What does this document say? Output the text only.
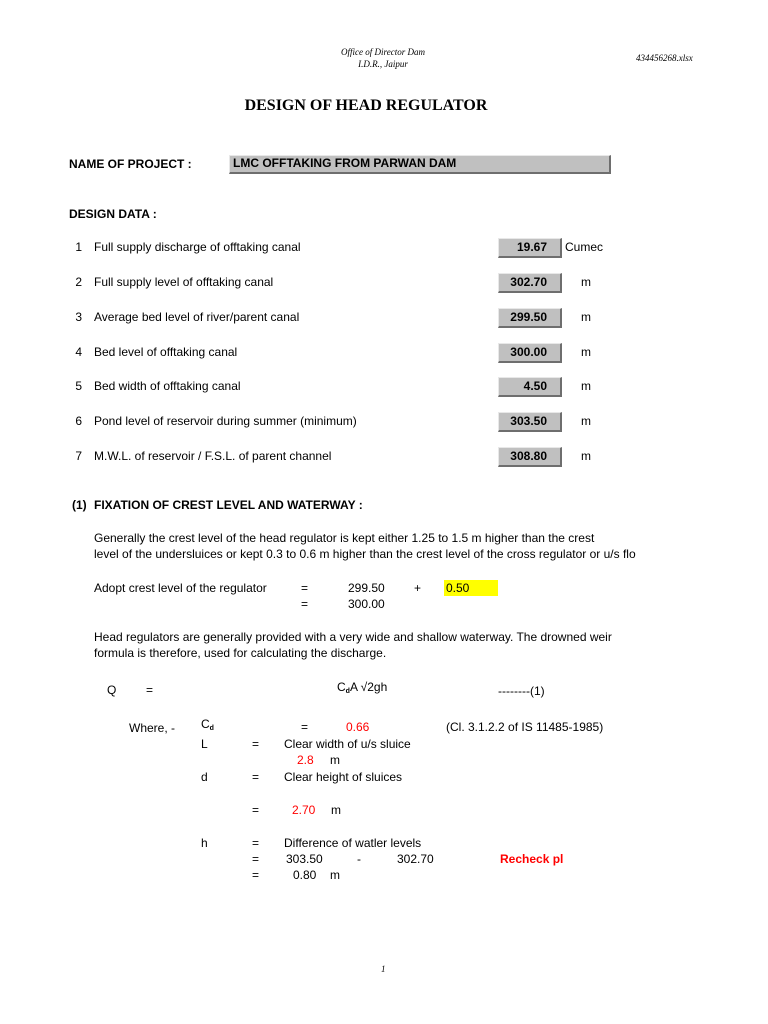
Office of Director Dam
I.D.R., Jaipur
434456268.xlsx
DESIGN OF HEAD REGULATOR
NAME OF PROJECT :	LMC OFFTAKING FROM PARWAN DAM
DESIGN DATA :
1 Full supply discharge of offtaking canal	19.67	Cumec
2 Full supply level of offtaking canal	302.70	m
3 Average bed level of river/parent canal	299.50	m
4 Bed level of offtaking canal	300.00	m
5 Bed width of offtaking canal	4.50	m
6 Pond level of reservoir during summer (minimum)	303.50	m
7 M.W.L. of reservoir / F.S.L. of parent channel	308.80	m
(1) FIXATION OF CREST LEVEL AND WATERWAY :
Generally the crest level of the head regulator is kept either 1.25 to 1.5 m higher than the crest
level of the undersluices or kept 0.3 to 0.6 m higher than the crest level of the cross regulator or u/s flo
Adopt crest level of the regulator	=	299.50 + 0.50
=	300.00
Head regulators are generally provided with a very wide and shallow waterway. The drowned weir
formula is therefore, used for calculating the discharge.
Q =	$C_dA$ √2gh	--------(1)
Where, - $C_d$	=	0.66	(Cl. 3.1.2.2 of IS 11485-1985)
L	= Clear width of u/s sluice
2.8 m
d	= Clear height of sluices
=	2.70 m
h	= Difference of watler levels
= 303.50	-	302.70	Recheck pl
=	0.80 m
1
